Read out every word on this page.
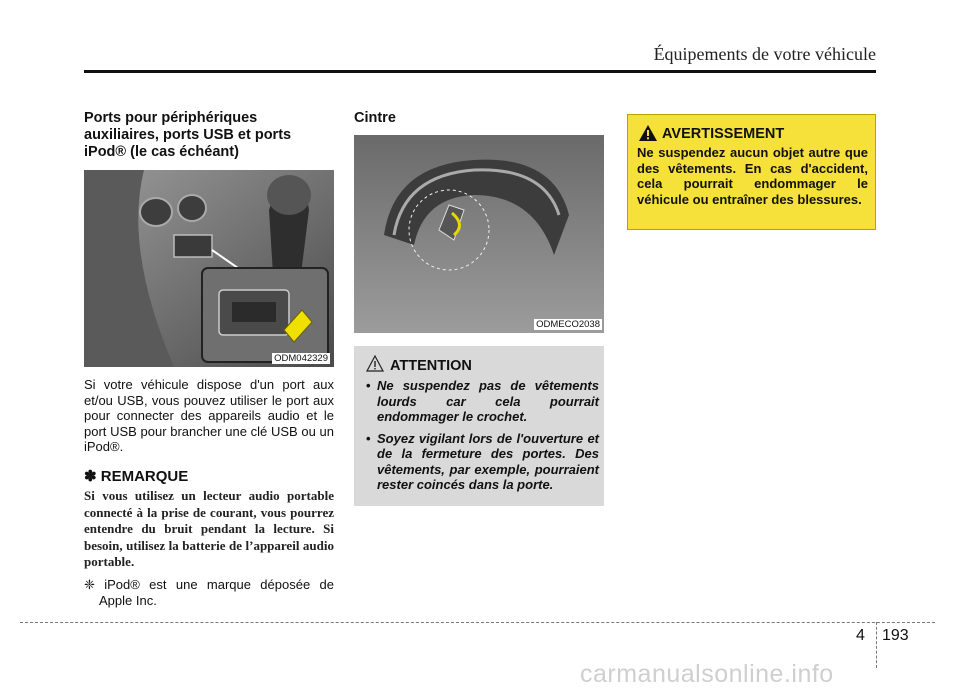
Équipements de votre véhicule
Ports pour périphériques auxiliaires, ports USB et ports iPod® (le cas échéant)
ODM042329
Si votre véhicule dispose d'un port aux et/ou USB, vous pouvez utiliser le port aux pour connecter des appareils audio et le port USB pour brancher une clé USB ou un iPod®.
✽ REMARQUE
Si vous utilisez un lecteur audio portable connecté à la prise de courant, vous pourrez entendre du bruit pendant la lecture. Si besoin, utilisez la batterie de l’appareil audio portable.
❈ iPod® est une marque déposée de Apple Inc.
Cintre
ODMECO2038
ATTENTION
• Ne suspendez pas de vêtements lourds car cela pourrait endommager le crochet.
• Soyez vigilant lors de l'ouverture et de la fermeture des portes. Des vêtements, par exemple, pourraient rester coincés dans la porte.
AVERTISSEMENT
Ne suspendez aucun objet autre que des vêtements. En cas d'accident, cela pourrait endommager le véhicule ou entraîner des blessures.
4 193
carmanualsonline.info
